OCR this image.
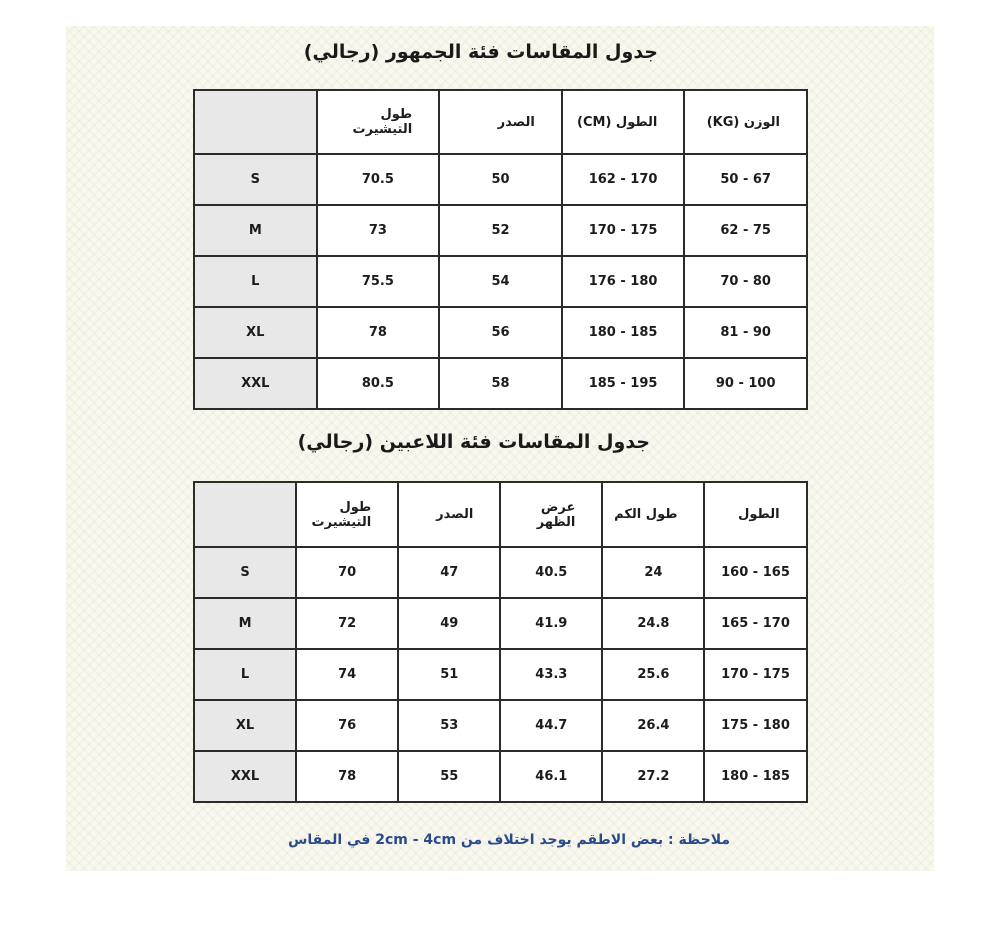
جدول المقاسات فئة الجمهور (رجالي)
الوزن (KG)	الطول (CM)	الصدر	طول التيشيرت	
50 - 67	162 - 170	50	70.5	S
62 - 75	170 - 175	52	73	M
70 - 80	176 - 180	54	75.5	L
81 - 90	180 - 185	56	78	XL
90 - 100	185 - 195	58	80.5	XXL
جدول المقاسات فئة اللاعبين (رجالي)
الطول	طول الكم	عرض الظهر	الصدر	طول التيشيرت	
160 - 165	24	40.5	47	70	S
165 - 170	24.8	41.9	49	72	M
170 - 175	25.6	43.3	51	74	L
175 - 180	26.4	44.7	53	76	XL
180 - 185	27.2	46.1	55	78	XXL

ملاحظة : بعض الاطقم يوجد اختلاف من 2cm - 4cm في المقاس
